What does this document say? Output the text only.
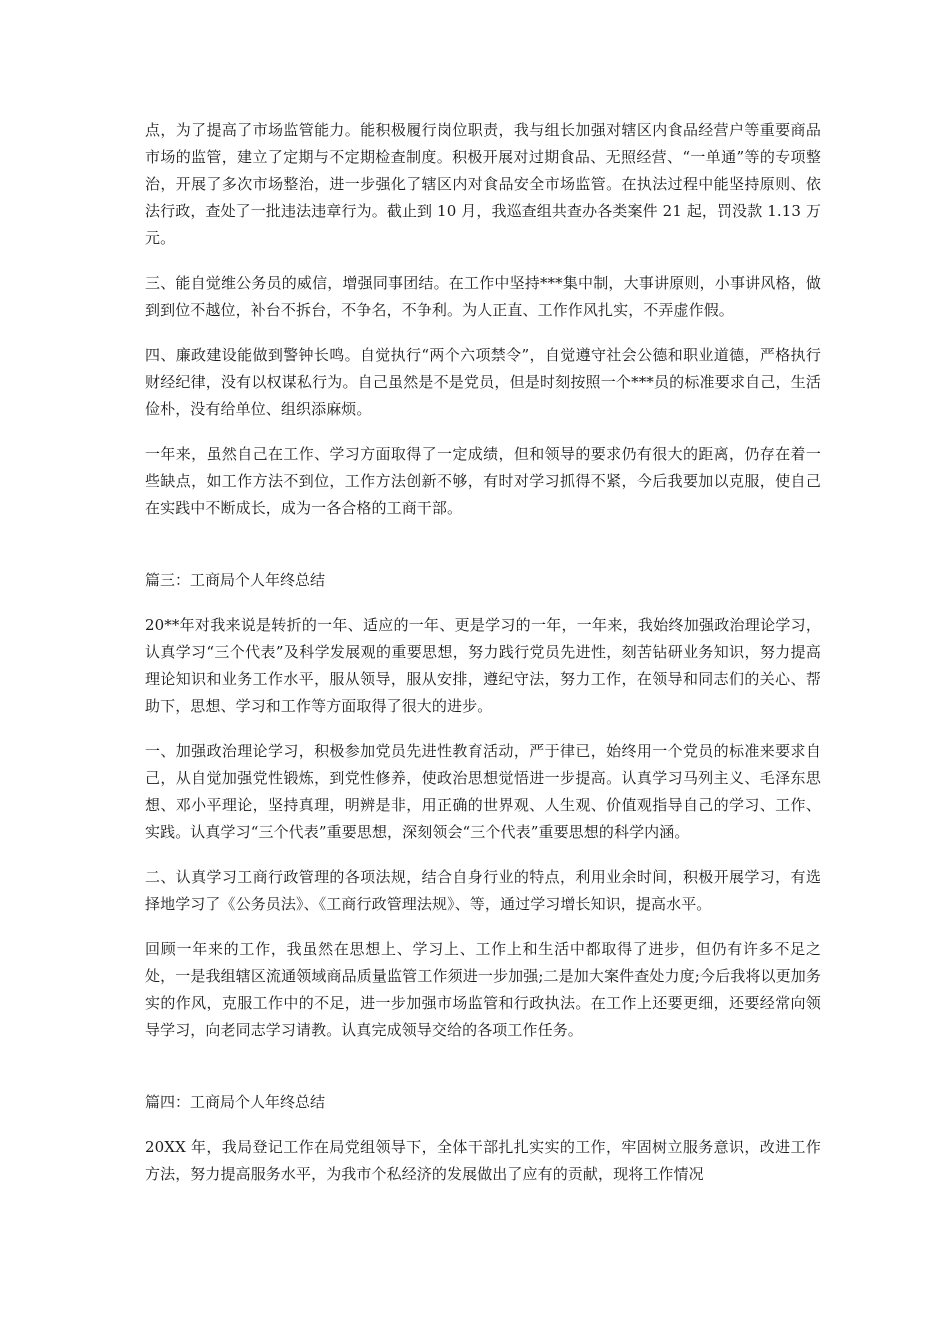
点，为了提高了市场监管能力。能积极履行岗位职责，我与组长加强对辖区内食品经营户等重要商品市场的监管，建立了定期与不定期检查制度。积极开展对过期食品、无照经营、“一单通”等的专项整治，开展了多次市场整治，进一步强化了辖区内对食品安全市场监管。在执法过程中能坚持原则、依法行政，查处了一批违法违章行为。截止到 10 月，我巡查组共查办各类案件 21 起，罚没款 1.13 万元。

三、能自觉维公务员的威信，增强同事团结。在工作中坚持***集中制，大事讲原则，小事讲风格，做到到位不越位，补台不拆台，不争名，不争利。为人正直、工作作风扎实，不弄虚作假。

四、廉政建设能做到警钟长鸣。自觉执行“两个六项禁令”，自觉遵守社会公德和职业道德，严格执行财经纪律，没有以权谋私行为。自己虽然是不是党员，但是时刻按照一个***员的标准要求自己，生活俭朴，没有给单位、组织添麻烦。

一年来，虽然自己在工作、学习方面取得了一定成绩，但和领导的要求仍有很大的距离，仍存在着一些缺点，如工作方法不到位，工作方法创新不够，有时对学习抓得不紧，今后我要加以克服，使自己在实践中不断成长，成为一各合格的工商干部。

篇三：工商局个人年终总结

20**年对我来说是转折的一年、适应的一年、更是学习的一年，一年来，我始终加强政治理论学习，认真学习“三个代表”及科学发展观的重要思想，努力践行党员先进性，刻苦钻研业务知识，努力提高理论知识和业务工作水平，服从领导，服从安排，遵纪守法，努力工作，在领导和同志们的关心、帮助下，思想、学习和工作等方面取得了很大的进步。

一、加强政治理论学习，积极参加党员先进性教育活动，严于律已，始终用一个党员的标准来要求自己，从自觉加强党性锻炼，到党性修养，使政治思想觉悟进一步提高。认真学习马列主义、毛泽东思想、邓小平理论，坚持真理，明辨是非，用正确的世界观、人生观、价值观指导自己的学习、工作、实践。认真学习“三个代表”重要思想，深刻领会“三个代表”重要思想的科学内涵。

二、认真学习工商行政管理的各项法规，结合自身行业的特点，利用业余时间，积极开展学习，有选择地学习了《公务员法》、《工商行政管理法规》、等，通过学习增长知识，提高水平。

回顾一年来的工作，我虽然在思想上、学习上、工作上和生活中都取得了进步，但仍有许多不足之处，一是我组辖区流通领域商品质量监管工作须进一步加强;二是加大案件查处力度;今后我将以更加务实的作风，克服工作中的不足，进一步加强市场监管和行政执法。在工作上还要更细，还要经常向领导学习，向老同志学习请教。认真完成领导交给的各项工作任务。

篇四：工商局个人年终总结

20XX 年，我局登记工作在局党组领导下，全体干部扎扎实实的工作，牢固树立服务意识，改进工作方法，努力提高服务水平，为我市个私经济的发展做出了应有的贡献，现将工作情况
